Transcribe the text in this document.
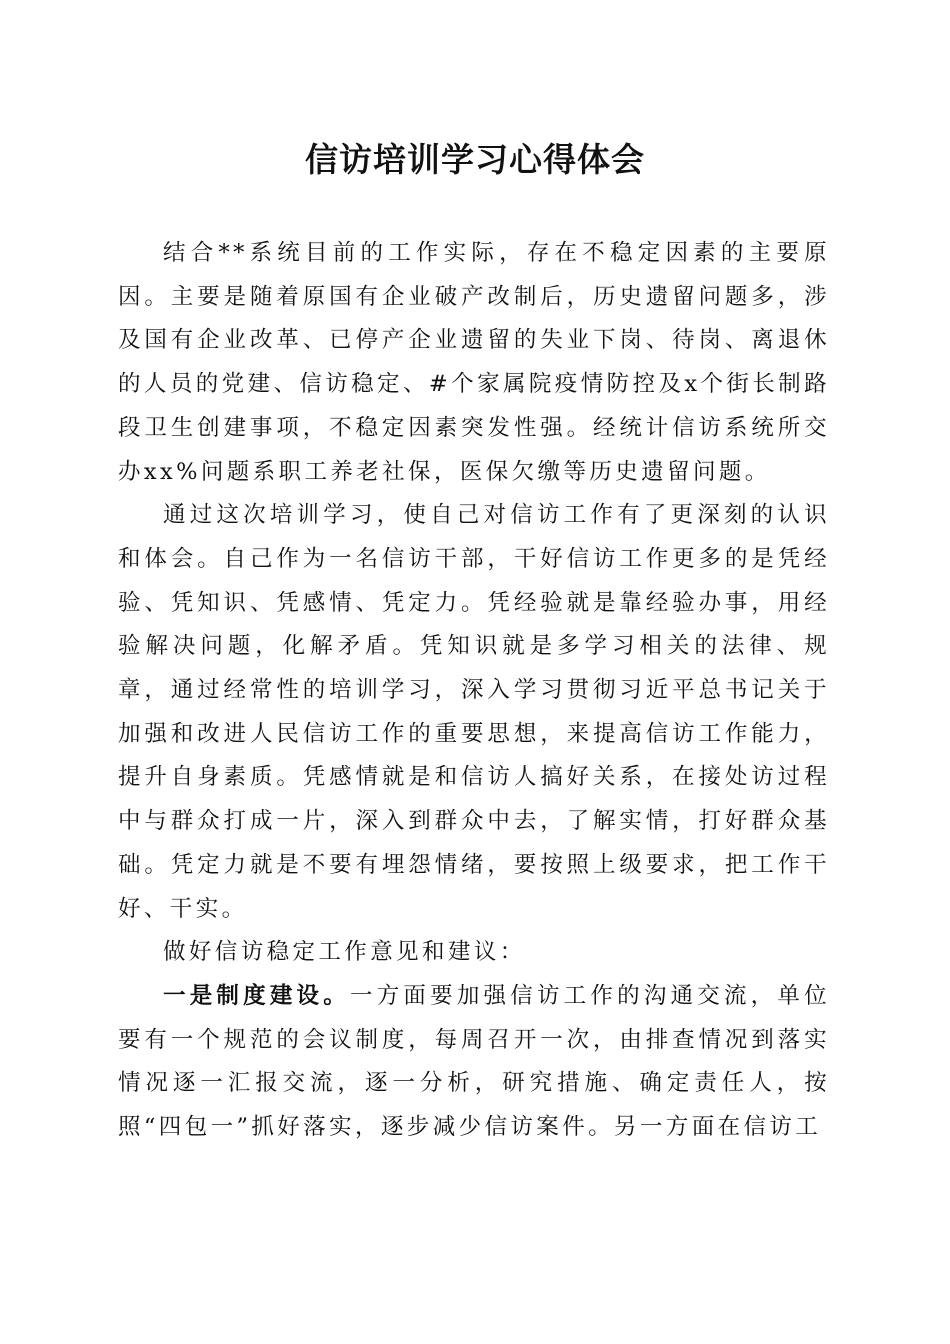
信访培训学习心得体会

结合**系统目前的工作实际，存在不稳定因素的主要原因。主要是随着原国有企业破产改制后，历史遗留问题多，涉及国有企业改革、已停产企业遗留的失业下岗、待岗、离退休的人员的党建、信访稳定、#个家属院疫情防控及x个街长制路段卫生创建事项，不稳定因素突发性强。经统计信访系统所交办xx%问题系职工养老社保，医保欠缴等历史遗留问题。

通过这次培训学习，使自己对信访工作有了更深刻的认识和体会。自己作为一名信访干部，干好信访工作更多的是凭经验、凭知识、凭感情、凭定力。凭经验就是靠经验办事，用经验解决问题，化解矛盾。凭知识就是多学习相关的法律、规章，通过经常性的培训学习，深入学习贯彻习近平总书记关于加强和改进人民信访工作的重要思想，来提高信访工作能力，提升自身素质。凭感情就是和信访人搞好关系，在接处访过程中与群众打成一片，深入到群众中去，了解实情，打好群众基础。凭定力就是不要有埋怨情绪，要按照上级要求，把工作干好、干实。

做好信访稳定工作意见和建议：

一是制度建设。一方面要加强信访工作的沟通交流，单位要有一个规范的会议制度，每周召开一次，由排查情况到落实情况逐一汇报交流，逐一分析，研究措施、确定责任人，按照“四包一”抓好落实，逐步减少信访案件。另一方面在信访工
